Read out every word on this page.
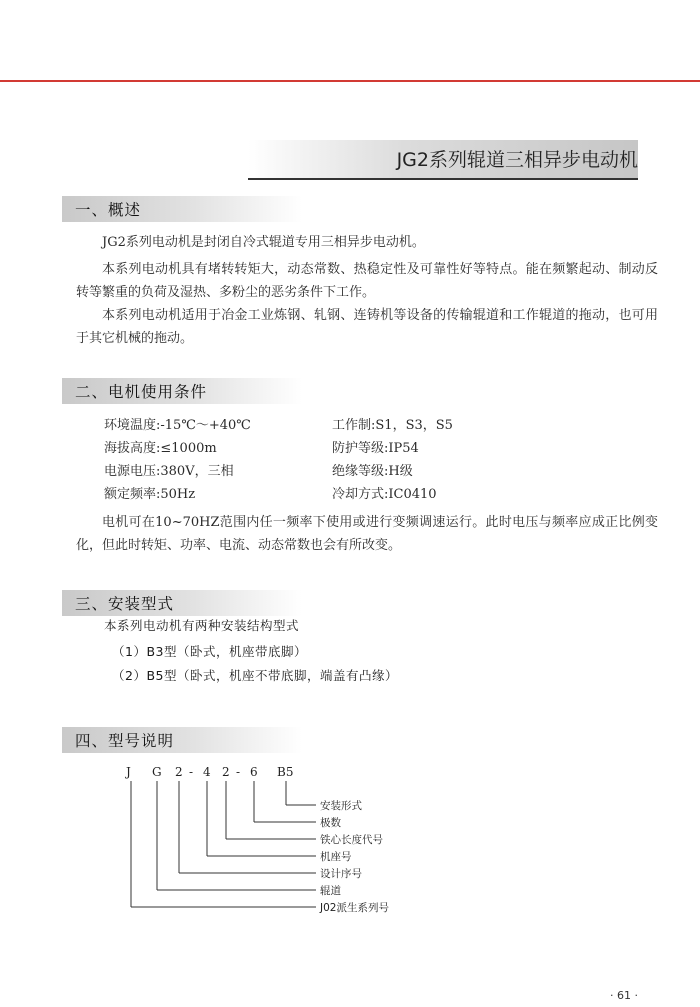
JG2系列辊道三相异步电动机
一、概述

JG2系列电动机是封闭自冷式辊道专用三相异步电动机。

本系列电动机具有堵转转矩大，动态常数、热稳定性及可靠性好等特点。能在频繁起动、制动反转等繁重的负荷及湿热、多粉尘的恶劣条件下工作。

本系列电动机适用于冶金工业炼钢、轧钢、连铸机等设备的传输辊道和工作辊道的拖动，也可用于其它机械的拖动。

二、电机使用条件
环境温度:-15℃～+40℃
海拔高度:≤1000m
电源电压:380V，三相
额定频率:50Hz
工作制:S1，S3，S5
防护等级:IP54
绝缘等级:H级
冷却方式:IC0410

电机可在10~70HZ范围内任一频率下使用或进行变频调速运行。此时电压与频率应成正比例变化，但此时转矩、功率、电流、动态常数也会有所改变。

三、安装型式
本系列电动机有两种安装结构型式
（1）B3型（卧式，机座带底脚）
（2）B5型（卧式，机座不带底脚，端盖有凸缘）
四、型号说明
J G 2 - 4 2 - 6 B5
安装形式
极数
铁心长度代号
机座号
设计序号
辊道
J02派生系列号
· 61 ·
